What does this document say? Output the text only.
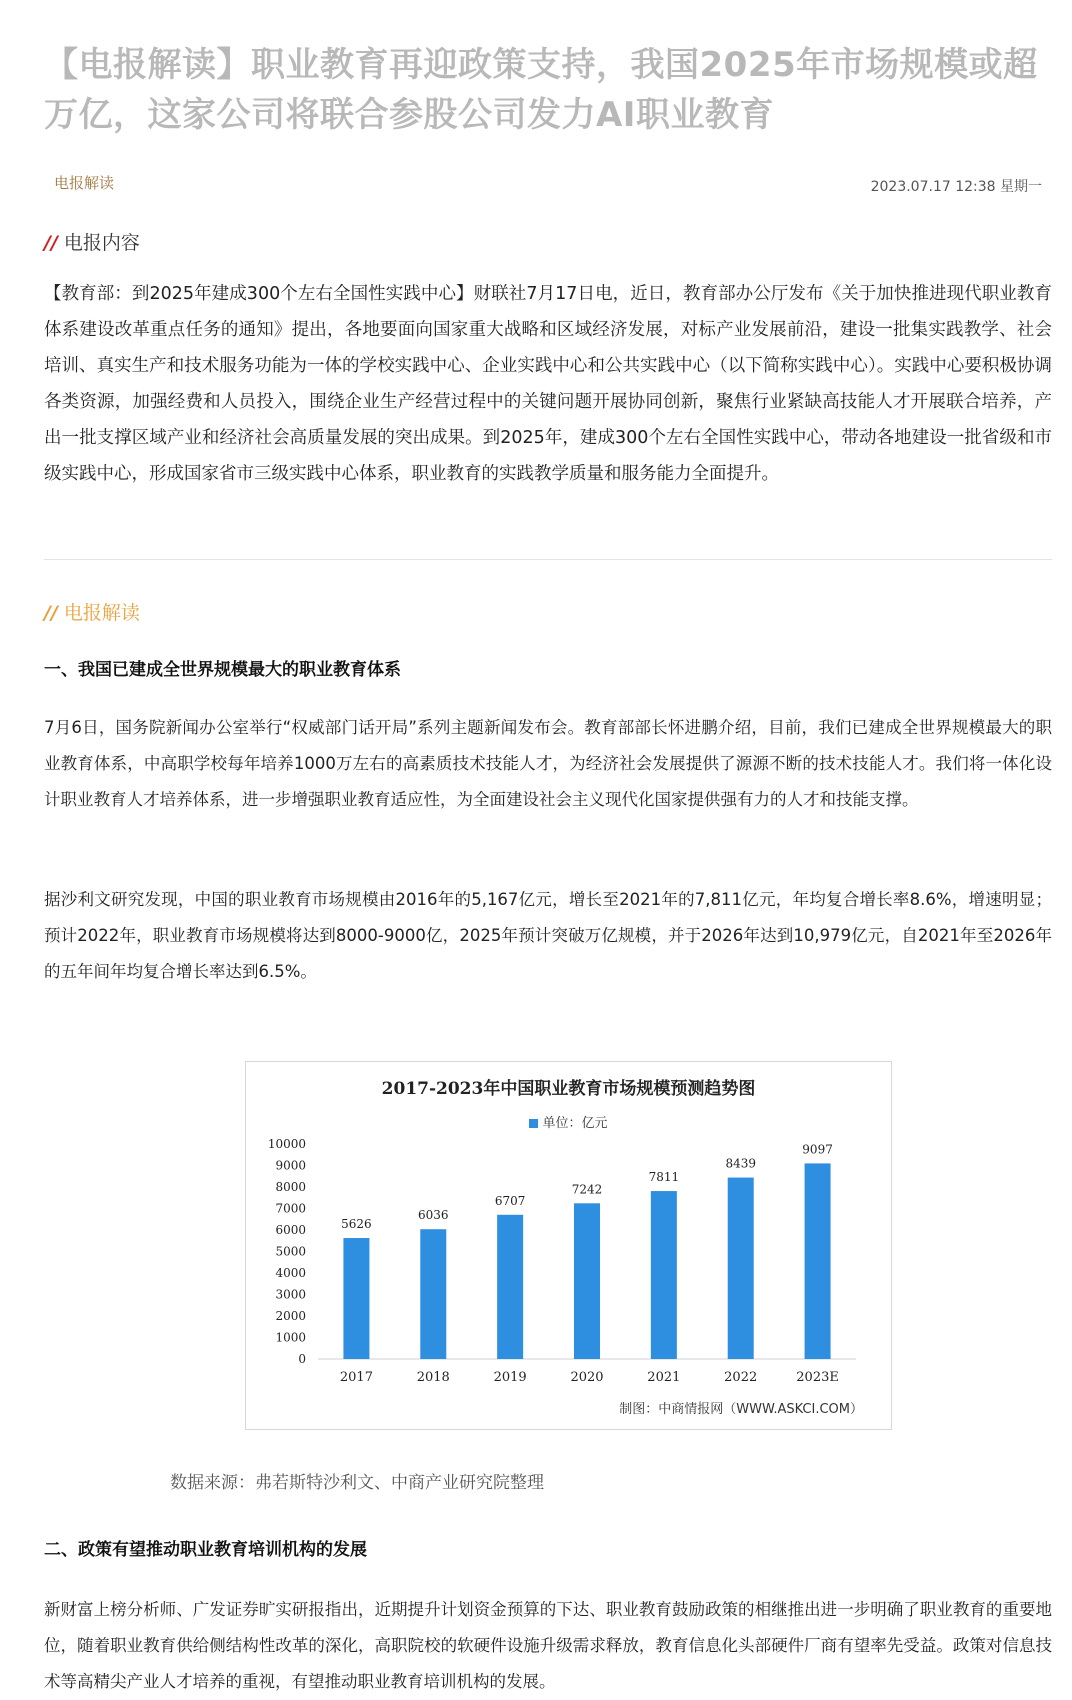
【电报解读】职业教育再迎政策支持，我国2025年市场规模或超万亿，这家公司将联合参股公司发力AI职业教育
电报解读	2023.07.17 12:38 星期一
// 电报内容
【教育部：到2025年建成300个左右全国性实践中心】财联社7月17日电，近日，教育部办公厅发布《关于加快推进现代职业教育体系建设改革重点任务的通知》提出，各地要面向国家重大战略和区域经济发展，对标产业发展前沿，建设一批集实践教学、社会培训、真实生产和技术服务功能为一体的学校实践中心、企业实践中心和公共实践中心（以下简称实践中心）。实践中心要积极协调各类资源，加强经费和人员投入，围绕企业生产经营过程中的关键问题开展协同创新，聚焦行业紧缺高技能人才开展联合培养，产出一批支撑区域产业和经济社会高质量发展的突出成果。到2025年，建成300个左右全国性实践中心，带动各地建设一批省级和市级实践中心，形成国家省市三级实践中心体系，职业教育的实践教学质量和服务能力全面提升。
// 电报解读
一、我国已建成全世界规模最大的职业教育体系
7月6日，国务院新闻办公室举行“权威部门话开局”系列主题新闻发布会。教育部部长怀进鹏介绍，目前，我们已建成全世界规模最大的职业教育体系，中高职学校每年培养1000万左右的高素质技术技能人才，为经济社会发展提供了源源不断的技术技能人才。我们将一体化设计职业教育人才培养体系，进一步增强职业教育适应性，为全面建设社会主义现代化国家提供强有力的人才和技能支撑。
据沙利文研究发现，中国的职业教育市场规模由2016年的5,167亿元，增长至2021年的7,811亿元，年均复合增长率8.6%，增速明显；预计2022年，职业教育市场规模将达到8000-9000亿，2025年预计突破万亿规模，并于2026年达到10,979亿元，自2021年至2026年的五年间年均复合增长率达到6.5%。
2017-2023年中国职业教育市场规模预测趋势图
单位：亿元
10000
9000
8000
7000
6000
5000
4000
3000
2000
1000
0
5626
2017
6036
2018
6707
2019
7242
2020
7811
2021
8439
2022
9097
2023E
制图：中商情报网（WWW.ASKCI.COM）
数据来源：弗若斯特沙利文、中商产业研究院整理
二、政策有望推动职业教育培训机构的发展
新财富上榜分析师、广发证券旷实研报指出，近期提升计划资金预算的下达、职业教育鼓励政策的相继推出进一步明确了职业教育的重要地位，随着职业教育供给侧结构性改革的深化，高职院校的软硬件设施升级需求释放，教育信息化头部硬件厂商有望率先受益。政策对信息技术等高精尖产业人才培养的重视，有望推动职业教育培训机构的发展。
